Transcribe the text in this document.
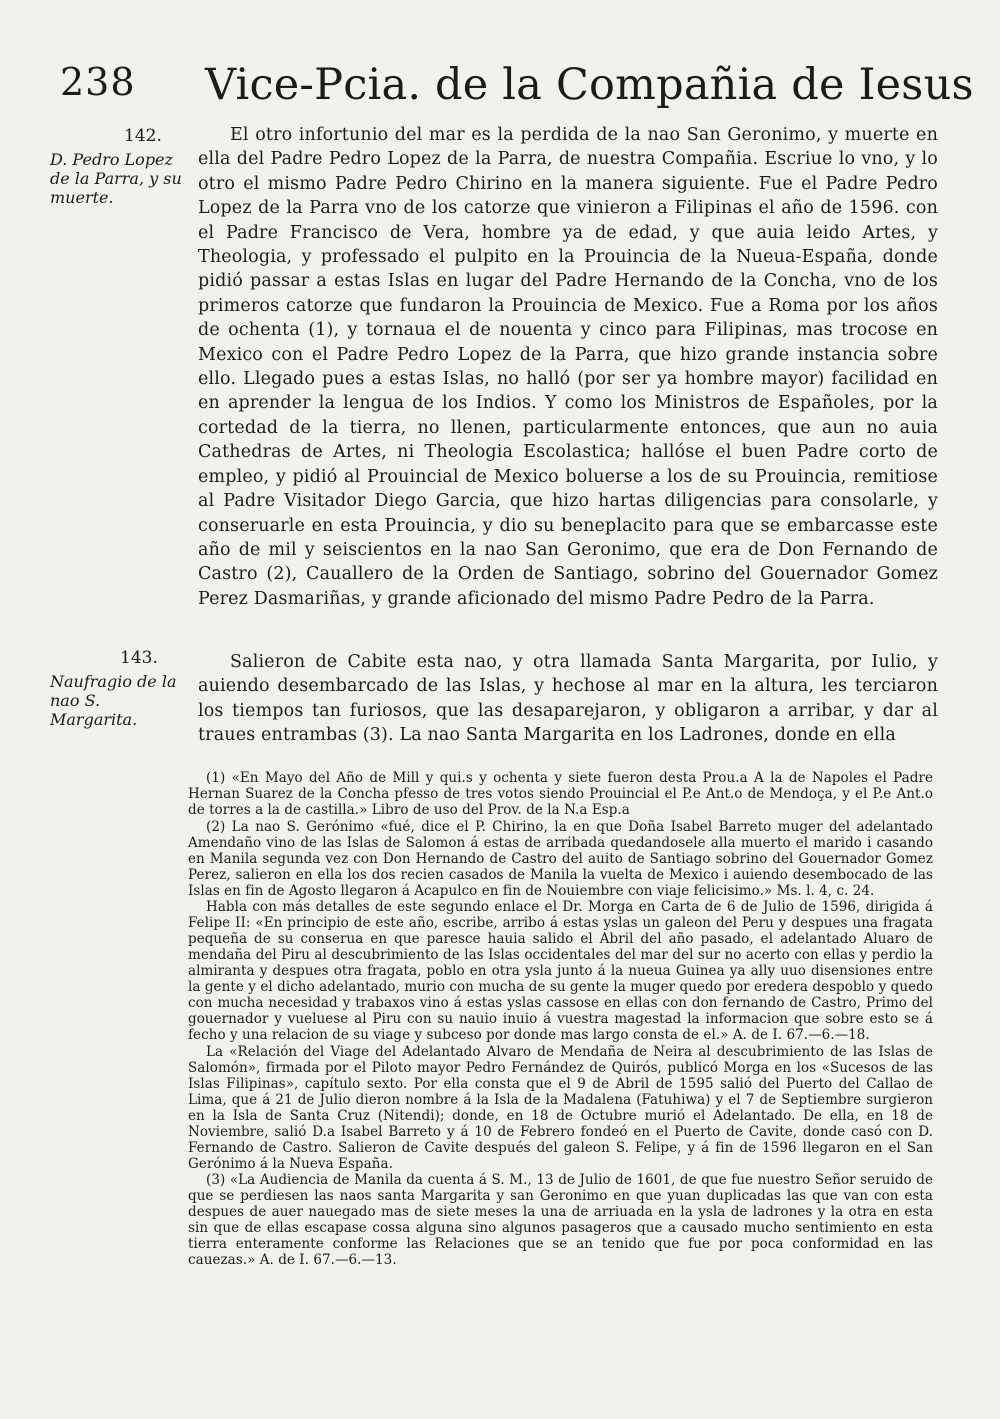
238 Vice-Pcia. de la Compañia de Iesus
142.
D. Pedro Lopez de la Parra, y su muerte.

El otro infortunio del mar es la perdida de la nao San Geronimo, y muerte en ella del Padre Pedro Lopez de la Parra, de nuestra Compañia. Escriue lo vno, y lo otro el mismo Padre Pedro Chirino en la manera siguiente. Fue el Padre Pedro Lopez de la Parra vno de los catorze que vinieron a Filipinas el año de 1596. con el Padre Francisco de Vera, hombre ya de edad, y que auia leido Artes, y Theologia, y professado el pulpito en la Prouincia de la Nueua-España, donde pidió passar a estas Islas en lugar del Padre Hernando de la Concha, vno de los primeros catorze que fundaron la Prouincia de Mexico. Fue a Roma por los años de ochenta (1), y tornaua el de nouenta y cinco para Filipinas, mas trocose en Mexico con el Padre Pedro Lopez de la Parra, que hizo grande instancia sobre ello. Llegado pues a estas Islas, no halló (por ser ya hombre mayor) facilidad en en aprender la lengua de los Indios. Y como los Ministros de Españoles, por la cortedad de la tierra, no llenen, particularmente entonces, que aun no auia Cathedras de Artes, ni Theologia Escolastica; hallóse el buen Padre corto de empleo, y pidió al Prouincial de Mexico boluerse a los de su Prouincia, remitiose al Padre Visitador Diego Garcia, que hizo hartas diligencias para consolarle, y conseruarle en esta Prouincia, y dio su beneplacito para que se embarcasse este año de mil y seiscientos en la nao San Geronimo, que era de Don Fernando de Castro (2), Cauallero de la Orden de Santiago, sobrino del Gouernador Gomez Perez Dasmariñas, y grande aficionado del mismo Padre Pedro de la Parra.

143.
Naufragio de la nao S. Margarita.

Salieron de Cabite esta nao, y otra llamada Santa Margarita, por Iulio, y auiendo desembarcado de las Islas, y hechose al mar en la altura, les terciaron los tiempos tan furiosos, que las desaparejaron, y obligaron a arribar, y dar al traues entrambas (3). La nao Santa Margarita en los Ladrones, donde en ella

(1) «En Mayo del Año de Mill y qui.s y ochenta y siete fueron desta Prou.a A la de Napoles el Padre Hernan Suarez de la Concha pfesso de tres votos siendo Prouincial el P.e Ant.o de Mendoça, y el P.e Ant.o de torres a la de castilla.» Libro de uso del Prov. de la N.a Esp.a

(2) La nao S. Gerónimo «fué, dice el P. Chirino, la en que Doña Isabel Barreto muger del adelantado Amendaño vino de las Islas de Salomon á estas de arribada quedandosele alla muerto el marido i casando en Manila segunda vez con Don Hernando de Castro del auito de Santiago sobrino del Gouernador Gomez Perez, salieron en ella los dos recien casados de Manila la vuelta de Mexico i auiendo desembocado de las Islas en fin de Agosto llegaron á Acapulco en fin de Nouiembre con viaje felicisimo.» Ms. l. 4, c. 24.

Habla con más detalles de este segundo enlace el Dr. Morga en Carta de 6 de Julio de 1596, dirigida á Felipe II: «En principio de este año, escribe, arribo á estas yslas un galeon del Peru y despues una fragata pequeña de su conserua en que paresce hauia salido el Abril del año pasado, el adelantado Aluaro de mendaña del Piru al descubrimiento de las Islas occidentales del mar del sur no acerto con ellas y perdio la almiranta y despues otra fragata, poblo en otra ysla junto á la nueua Guinea ya ally uuo disensiones entre la gente y el dicho adelantado, murio con mucha de su gente la muger quedo por eredera despoblo y quedo con mucha necesidad y trabaxos vino á estas yslas cassose en ellas con don fernando de Castro, Primo del gouernador y vueluese al Piru con su nauio inuio á vuestra magestad la informacion que sobre esto se á fecho y una relacion de su viage y subceso por donde mas largo consta de el.» A. de I. 67.—6.—18.

La «Relación del Viage del Adelantado Alvaro de Mendaña de Neira al descubrimiento de las Islas de Salomón», firmada por el Piloto mayor Pedro Fernández de Quirós, publicó Morga en los «Sucesos de las Islas Filipinas», capítulo sexto. Por ella consta que el 9 de Abril de 1595 salió del Puerto del Callao de Lima, que á 21 de Julio dieron nombre á la Isla de la Madalena (Fatuhiwa) y el 7 de Septiembre surgieron en la Isla de Santa Cruz (Nitendi); donde, en 18 de Octubre murió el Adelantado. De ella, en 18 de Noviembre, salió D.a Isabel Barreto y á 10 de Febrero fondeó en el Puerto de Cavite, donde casó con D. Fernando de Castro. Salieron de Cavite después del galeon S. Felipe, y á fin de 1596 llegaron en el San Gerónimo á la Nueva España.

(3) «La Audiencia de Manila da cuenta á S. M., 13 de Julio de 1601, de que fue nuestro Señor seruido de que se perdiesen las naos santa Margarita y san Geronimo en que yuan duplicadas las que van con esta despues de auer nauegado mas de siete meses la una de arriuada en la ysla de ladrones y la otra en esta sin que de ellas escapase cossa alguna sino algunos pasageros que a causado mucho sentimiento en esta tierra enteramente conforme las Relaciones que se an tenido que fue por poca conformidad en las cauezas.» A. de I. 67.—6.—13.
